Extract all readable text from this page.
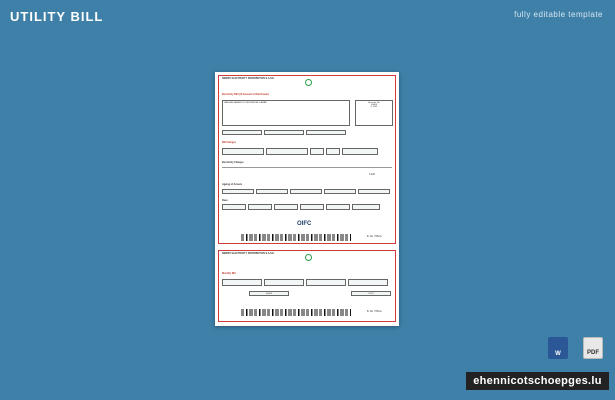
UTILITY BILL	fully editable template
NEBIRY ELECTRICITY DISTRIBUTION S.A.S.E
Electricity Bill (All Amount In Rial Omani)
NASSER MAHMOOD HUSSEIN AL LAWATI	Account No
00000
0.1234
Bill Charges
Electricity Charges
3.420
Ageing of Arrears
Dues
OIFC
B. No. 765xxx
NEBIRY ELECTRICITY DISTRIBUTION S.A.S.E
Monthly Bill
00000	3.473
B. No. 765xxx
W	PDF
ehennicotschoepges.lu
